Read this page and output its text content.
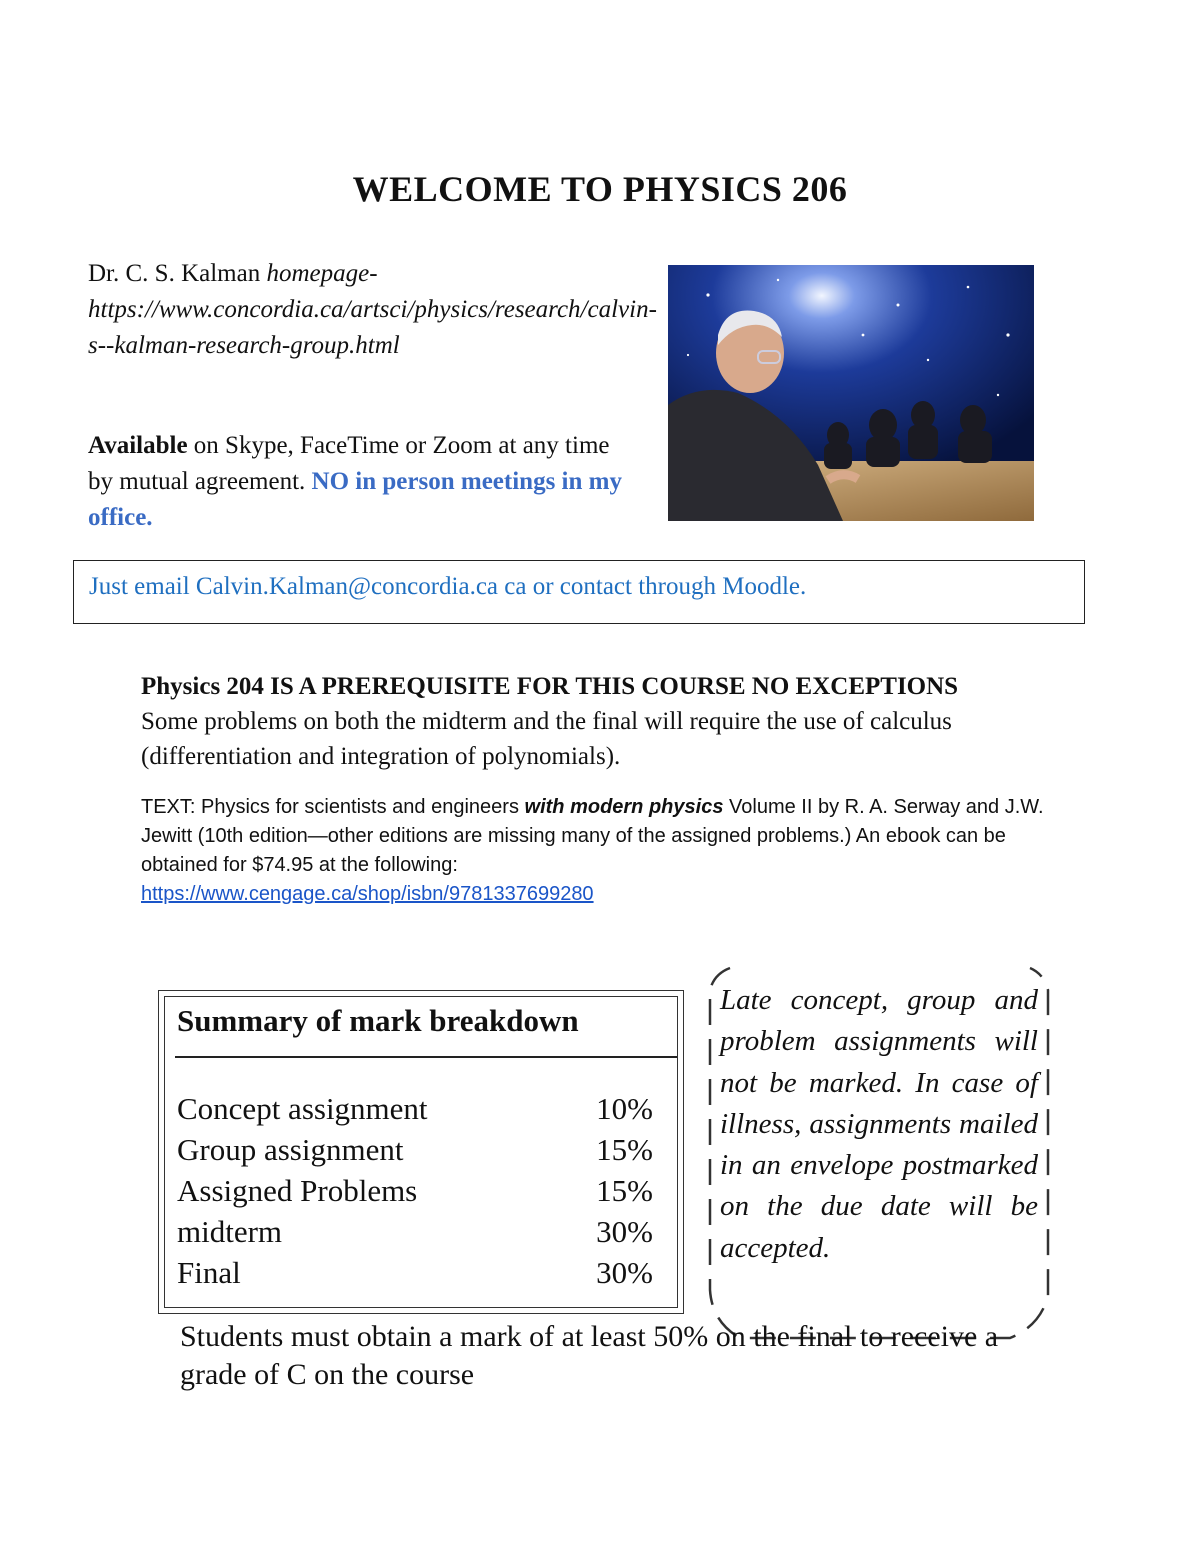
WELCOME TO PHYSICS 206
Dr. C. S. Kalman homepage- https://www.concordia.ca/artsci/physics/research/calvin-s--kalman-research-group.html
Available on Skype, FaceTime or Zoom at any time by mutual agreement. NO in person meetings in my office.
Just email Calvin.Kalman@concordia.ca ca or contact through Moodle.
Physics 204 IS A PREREQUISITE FOR THIS COURSE NO EXCEPTIONS
Some problems on both the midterm and the final will require the use of calculus (differentiation and integration of polynomials).
TEXT: Physics for scientists and engineers with modern physics Volume II by R. A. Serway and J.W. Jewitt (10th edition—other editions are missing many of the assigned problems.) An ebook can be obtained for $74.95 at the following:
https://www.cengage.ca/shop/isbn/9781337699280
Summary of mark breakdown
Concept assignment	10%
Group assignment	15%
Assigned Problems	15%
midterm	30%
Final	30%
Late concept, group and problem assignments will not be marked. In case of illness, assignments mailed in an envelope postmarked on the due date will be accepted.
Students must obtain a mark of at least 50% on the final to receive a grade of C on the course
